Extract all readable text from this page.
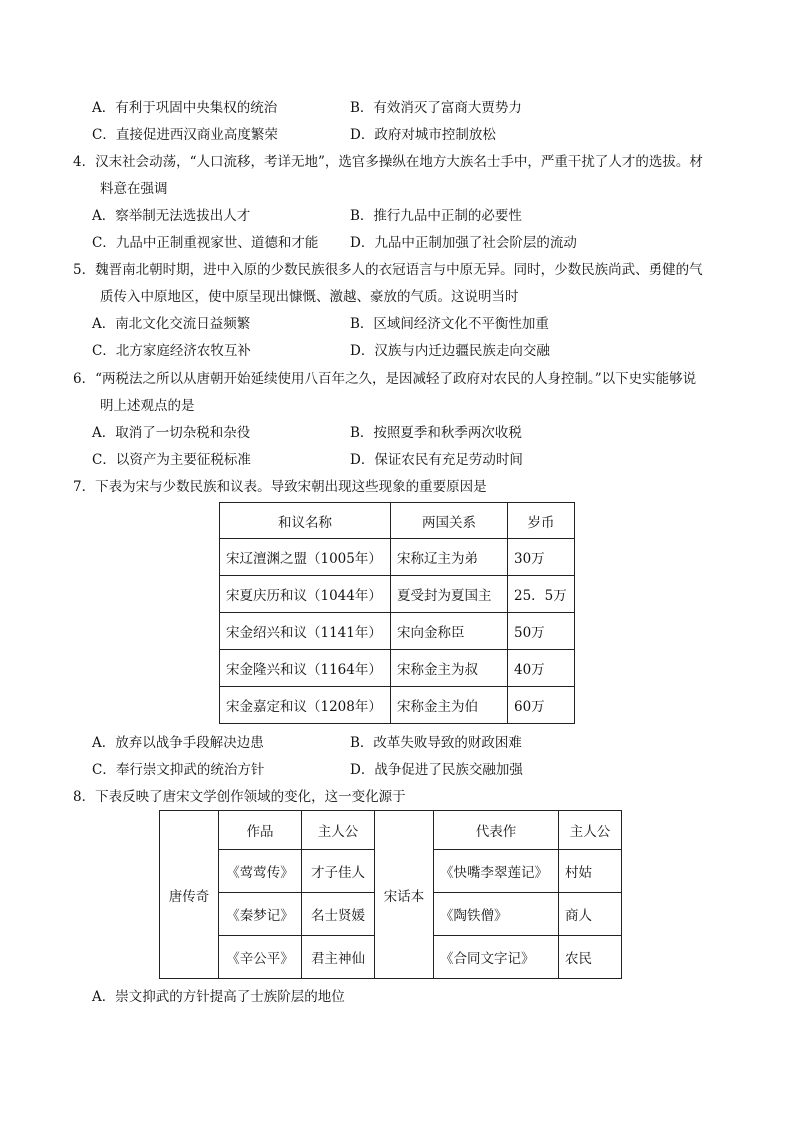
A．有利于巩固中央集权的统治	B．有效消灭了富商大贾势力
C．直接促进西汉商业高度繁荣	D．政府对城市控制放松
4．汉末社会动荡，“人口流移，考详无地”，选官多操纵在地方大族名士手中，严重干扰了人才的选拔。材
料意在强调
A．察举制无法选拔出人才	B．推行九品中正制的必要性
C．九品中正制重视家世、道德和才能 D．九品中正制加强了社会阶层的流动
5．魏晋南北朝时期，进中入原的少数民族很多人的衣冠语言与中原无异。同时，少数民族尚武、勇健的气
质传入中原地区，使中原呈现出慷慨、激越、豪放的气质。这说明当时
A．南北文化交流日益频繁	B．区域间经济文化不平衡性加重
C．北方家庭经济农牧互补	D．汉族与内迁边疆民族走向交融
6．“两税法之所以从唐朝开始延续使用八百年之久，是因减轻了政府对农民的人身控制。”以下史实能够说
明上述观点的是
A．取消了一切杂税和杂役	B．按照夏季和秋季两次收税
C．以资产为主要征税标准	D．保证农民有充足劳动时间
7．下表为宋与少数民族和议表。导致宋朝出现这些现象的重要原因是
和议名称	两国关系	岁币
宋辽澶渊之盟（1005年）	宋称辽主为弟	30万
宋夏庆历和议（1044年）	夏受封为夏国主	25．5万
宋金绍兴和议（1141年）	宋向金称臣	50万
宋金隆兴和议（1164年）	宋称金主为叔	40万
宋金嘉定和议（1208年）	宋称金主为伯	60万
A．放弃以战争手段解决边患	B．改革失败导致的财政困难
C．奉行崇文抑武的统治方针	D．战争促进了民族交融加强
8．下表反映了唐宋文学创作领域的变化，这一变化源于
唐传奇	作品	主人公	宋话本	代表作	主人公
	《莺莺传》	才子佳人		《快嘴李翠莲记》	村姑
	《秦梦记》	名士贤媛		《陶铁僧》	商人
	《辛公平》	君主神仙		《合同文字记》	农民
A．崇文抑武的方针提高了士族阶层的地位
